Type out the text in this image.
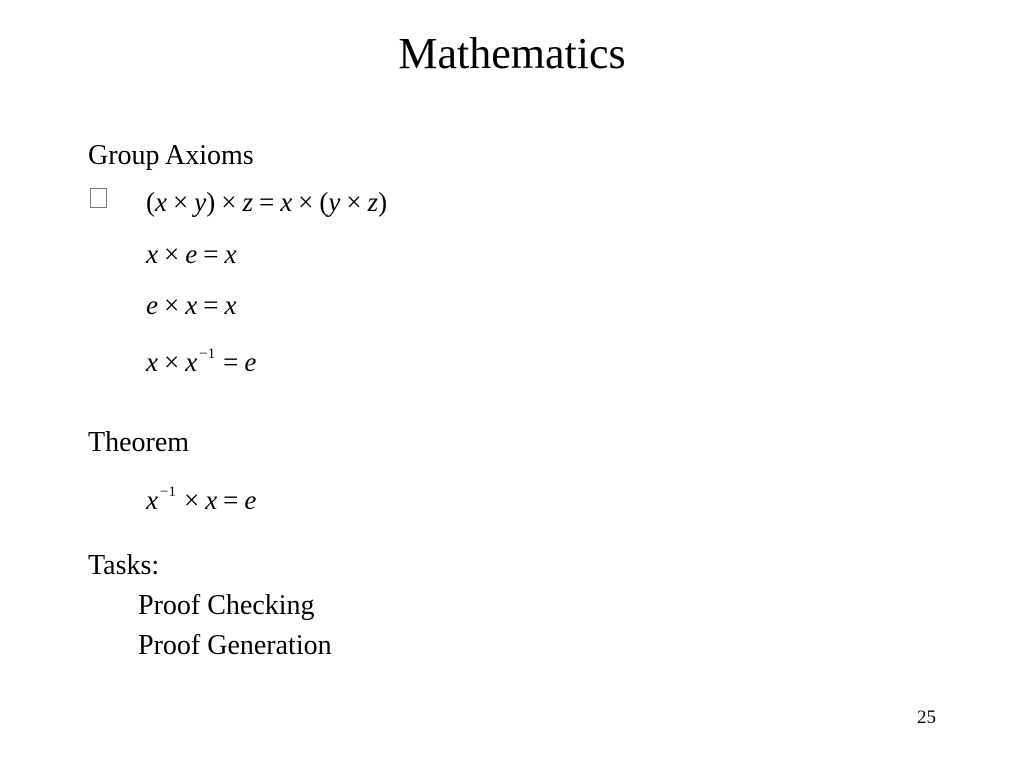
Mathematics
Group Axioms
(x × y) × z = x × (y × z)
x × e = x
e × x = x
x × x $^{-1}$ = e
Theorem
x $^{-1}$ × x = e
Tasks:
Proof Checking
Proof Generation
25
